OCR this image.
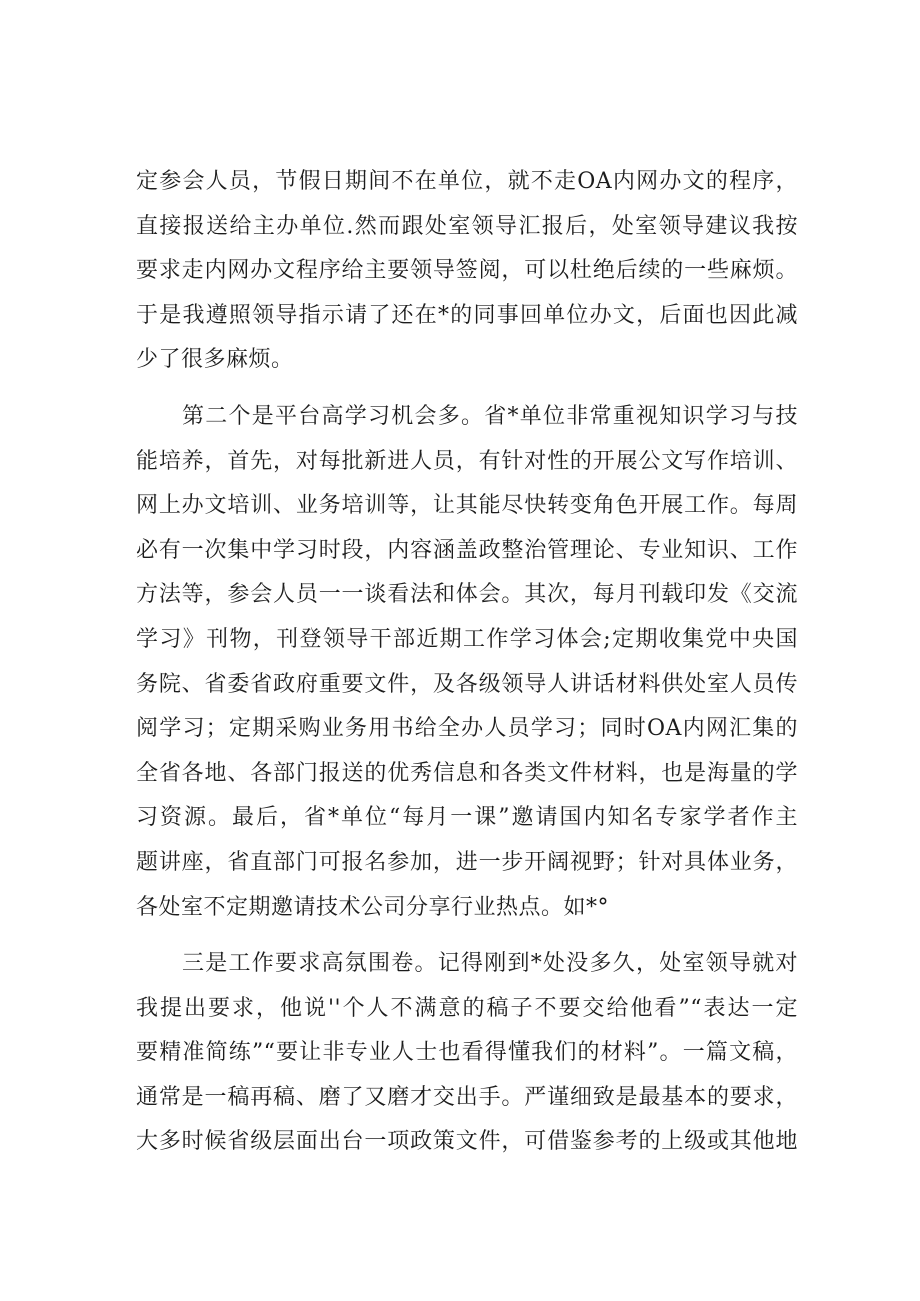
定参会人员，节假日期间不在单位，就不走OA内网办文的程序，
直接报送给主办单位.然而跟处室领导汇报后，处室领导建议我按
要求走内网办文程序给主要领导签阅，可以杜绝后续的一些麻烦。
于是我遵照领导指示请了还在*的同事回单位办文，后面也因此减
少了很多麻烦。
第二个是平台高学习机会多。省*单位非常重视知识学习与技
能培养，首先，对每批新进人员，有针对性的开展公文写作培训、
网上办文培训、业务培训等，让其能尽快转变角色开展工作。每周
必有一次集中学习时段，内容涵盖政整治管理论、专业知识、工作
方法等，参会人员一一谈看法和体会。其次，每月刊载印发《交流
学习》刊物，刊登领导干部近期工作学习体会;定期收集党中央国
务院、省委省政府重要文件，及各级领导人讲话材料供处室人员传
阅学习；定期采购业务用书给全办人员学习；同时OA内网汇集的
全省各地、各部门报送的优秀信息和各类文件材料，也是海量的学
习资源。最后，省*单位“每月一课”邀请国内知名专家学者作主
题讲座，省直部门可报名参加，进一步开阔视野；针对具体业务，
各处室不定期邀请技术公司分享行业热点。如*°
三是工作要求高氛围卷。记得刚到*处没多久，处室领导就对
我提出要求，他说''个人不满意的稿子不要交给他看”“表达一定
要精准简练”“要让非专业人士也看得懂我们的材料”。一篇文稿，
通常是一稿再稿、磨了又磨才交出手。严谨细致是最基本的要求，
大多时候省级层面出台一项政策文件，可借鉴参考的上级或其他地
